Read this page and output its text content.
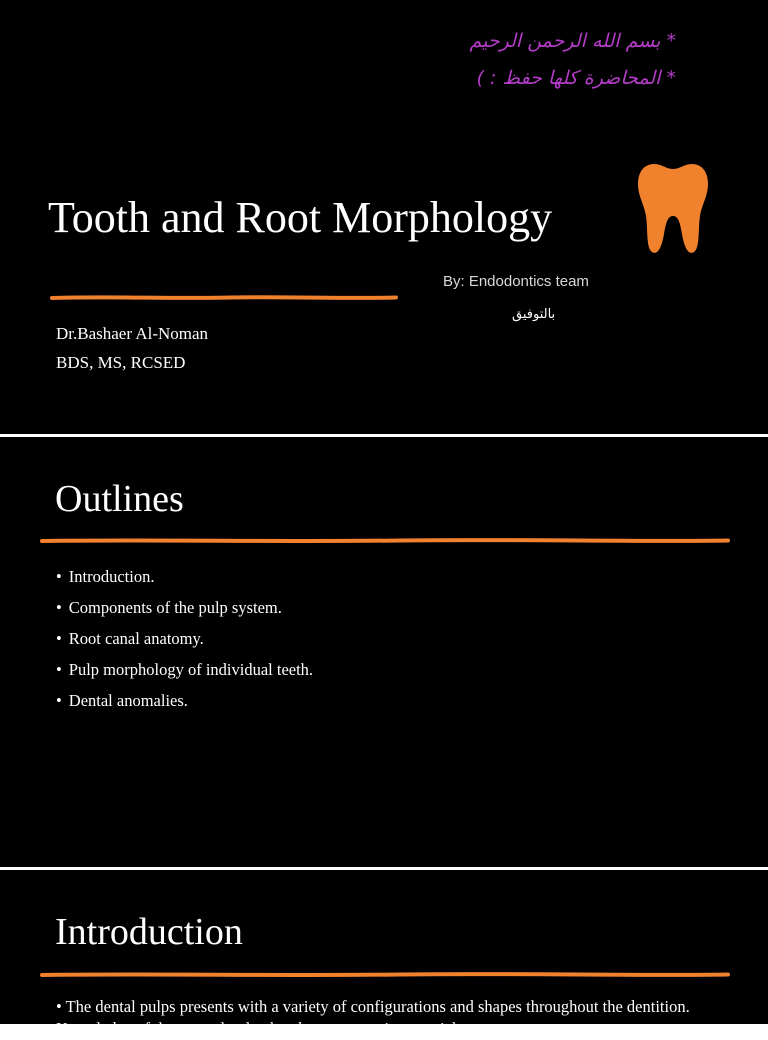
* بسم الله الرحمن الرحيم
* المحاضرة كلها حفظ : )
Tooth and Root Morphology
By: Endodontics team
بالتوفيق
Dr.Bashaer Al-Noman
BDS, MS, RCSED
Outlines
• Introduction.
• Components of the pulp system.
• Root canal anatomy.
• Pulp morphology of individual teeth.
• Dental anomalies.
Introduction
• The dental pulps presents with a variety of configurations and shapes throughout the dentition. Knowledge of the normal pulp chamber anatomy is essential to
